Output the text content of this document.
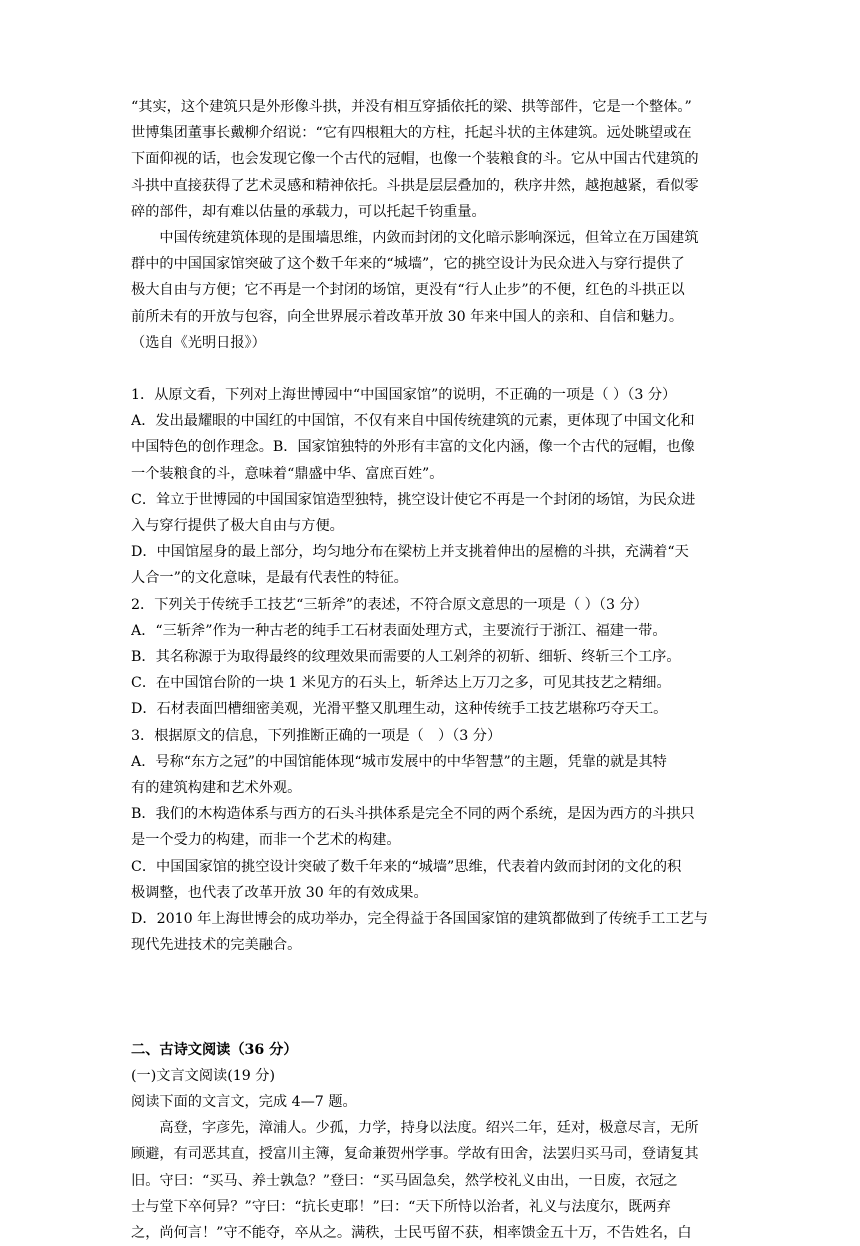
“其实，这个建筑只是外形像斗拱，并没有相互穿插依托的梁、拱等部件，它是一个整体。”
世博集团董事长戴柳介绍说：“它有四根粗大的方柱，托起斗状的主体建筑。远处眺望或在
下面仰视的话，也会发现它像一个古代的冠帽，也像一个装粮食的斗。它从中国古代建筑的
斗拱中直接获得了艺术灵感和精神依托。斗拱是层层叠加的，秩序井然，越抱越紧，看似零
碎的部件，却有难以估量的承载力，可以托起千钧重量。
　　中国传统建筑体现的是围墙思维，内敛而封闭的文化暗示影响深远，但耸立在万国建筑
群中的中国国家馆突破了这个数千年来的“城墙”，它的挑空设计为民众进入与穿行提供了
极大自由与方便；它不再是一个封闭的场馆，更没有“行人止步”的不便，红色的斗拱正以
前所未有的开放与包容，向全世界展示着改革开放 30 年来中国人的亲和、自信和魅力。
（选自《光明日报》）
1．从原文看，下列对上海世博园中“中国国家馆”的说明，不正确的一项是（ ）（3 分）
A．发出最耀眼的中国红的中国馆，不仅有来自中国传统建筑的元素，更体现了中国文化和
中国特色的创作理念。B．国家馆独特的外形有丰富的文化内涵，像一个古代的冠帽，也像
一个装粮食的斗，意味着“鼎盛中华、富庶百姓”。
C．耸立于世博园的中国国家馆造型独特，挑空设计使它不再是一个封闭的场馆，为民众进
入与穿行提供了极大自由与方便。
D．中国馆屋身的最上部分，均匀地分布在梁枋上并支挑着伸出的屋檐的斗拱，充满着“天
人合一”的文化意味，是最有代表性的特征。
2．下列关于传统手工技艺“三斩斧”的表述，不符合原文意思的一项是（ ）（3 分）
A．“三斩斧”作为一种古老的纯手工石材表面处理方式，主要流行于浙江、福建一带。
B．其名称源于为取得最终的纹理效果而需要的人工剁斧的初斩、细斩、终斩三个工序。
C．在中国馆台阶的一块 1 米见方的石头上，斩斧达上万刀之多，可见其技艺之精细。
D．石材表面凹槽细密美观，光滑平整又肌理生动，这种传统手工技艺堪称巧夺天工。
3．根据原文的信息，下列推断正确的一项是（　）（3 分）
A．号称“东方之冠”的中国馆能体现“城市发展中的中华智慧”的主题，凭靠的就是其特
有的建筑构建和艺术外观。
B．我们的木构造体系与西方的石头斗拱体系是完全不同的两个系统，是因为西方的斗拱只
是一个受力的构建，而非一个艺术的构建。
C．中国国家馆的挑空设计突破了数千年来的“城墙”思维，代表着内敛而封闭的文化的积
极调整，也代表了改革开放 30 年的有效成果。
D．2010 年上海世博会的成功举办，完全得益于各国国家馆的建筑都做到了传统手工工艺与
现代先进技术的完美融合。
二、古诗文阅读（36 分）
(一)文言文阅读(19 分)
阅读下面的文言文，完成 4—7 题。
　　高登，字彦先，漳浦人。少孤，力学，持身以法度。绍兴二年，廷对，极意尽言，无所
顾避，有司恶其直，授富川主簿，复命兼贺州学事。学故有田舍，法罢归买马司，登请复其
旧。守曰：“买马、养士孰急？”登曰：“买马固急矣，然学校礼义由出，一日废，衣冠之
士与堂下卒何异？”守曰：“抗长吏耶！”曰：“天下所恃以治者，礼义与法度尔，既两弃
之，尚何言！”守不能夺，卒从之。满秩，士民丐留不获，相率馈金五十万，不告姓名，白
